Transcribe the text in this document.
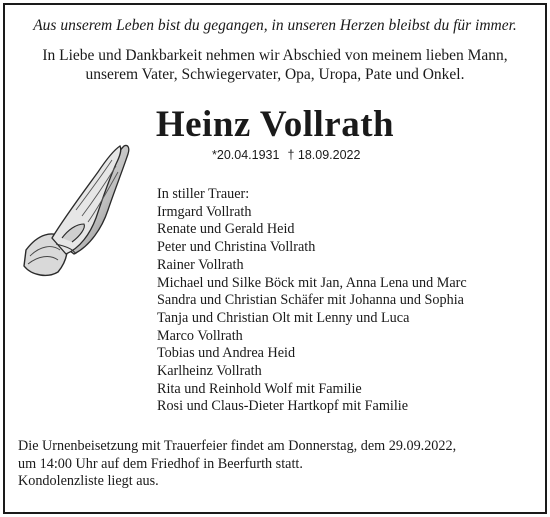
Aus unserem Leben bist du gegangen, in unseren Herzen bleibst du für immer.
In Liebe und Dankbarkeit nehmen wir Abschied von meinem lieben Mann,
unserem Vater, Schwiegervater, Opa, Uropa, Pate und Onkel.
Heinz Vollrath
*20.04.1931 † 18.09.2022
In stiller Trauer:
Irmgard Vollrath
Renate und Gerald Heid
Peter und Christina Vollrath
Rainer Vollrath
Michael und Silke Böck mit Jan, Anna Lena und Marc
Sandra und Christian Schäfer mit Johanna und Sophia
Tanja und Christian Olt mit Lenny und Luca
Marco Vollrath
Tobias und Andrea Heid
Karlheinz Vollrath
Rita und Reinhold Wolf mit Familie
Rosi und Claus-Dieter Hartkopf mit Familie
Die Urnenbeisetzung mit Trauerfeier findet am Donnerstag, dem 29.09.2022,
um 14:00 Uhr auf dem Friedhof in Beerfurth statt.
Kondolenzliste liegt aus.
